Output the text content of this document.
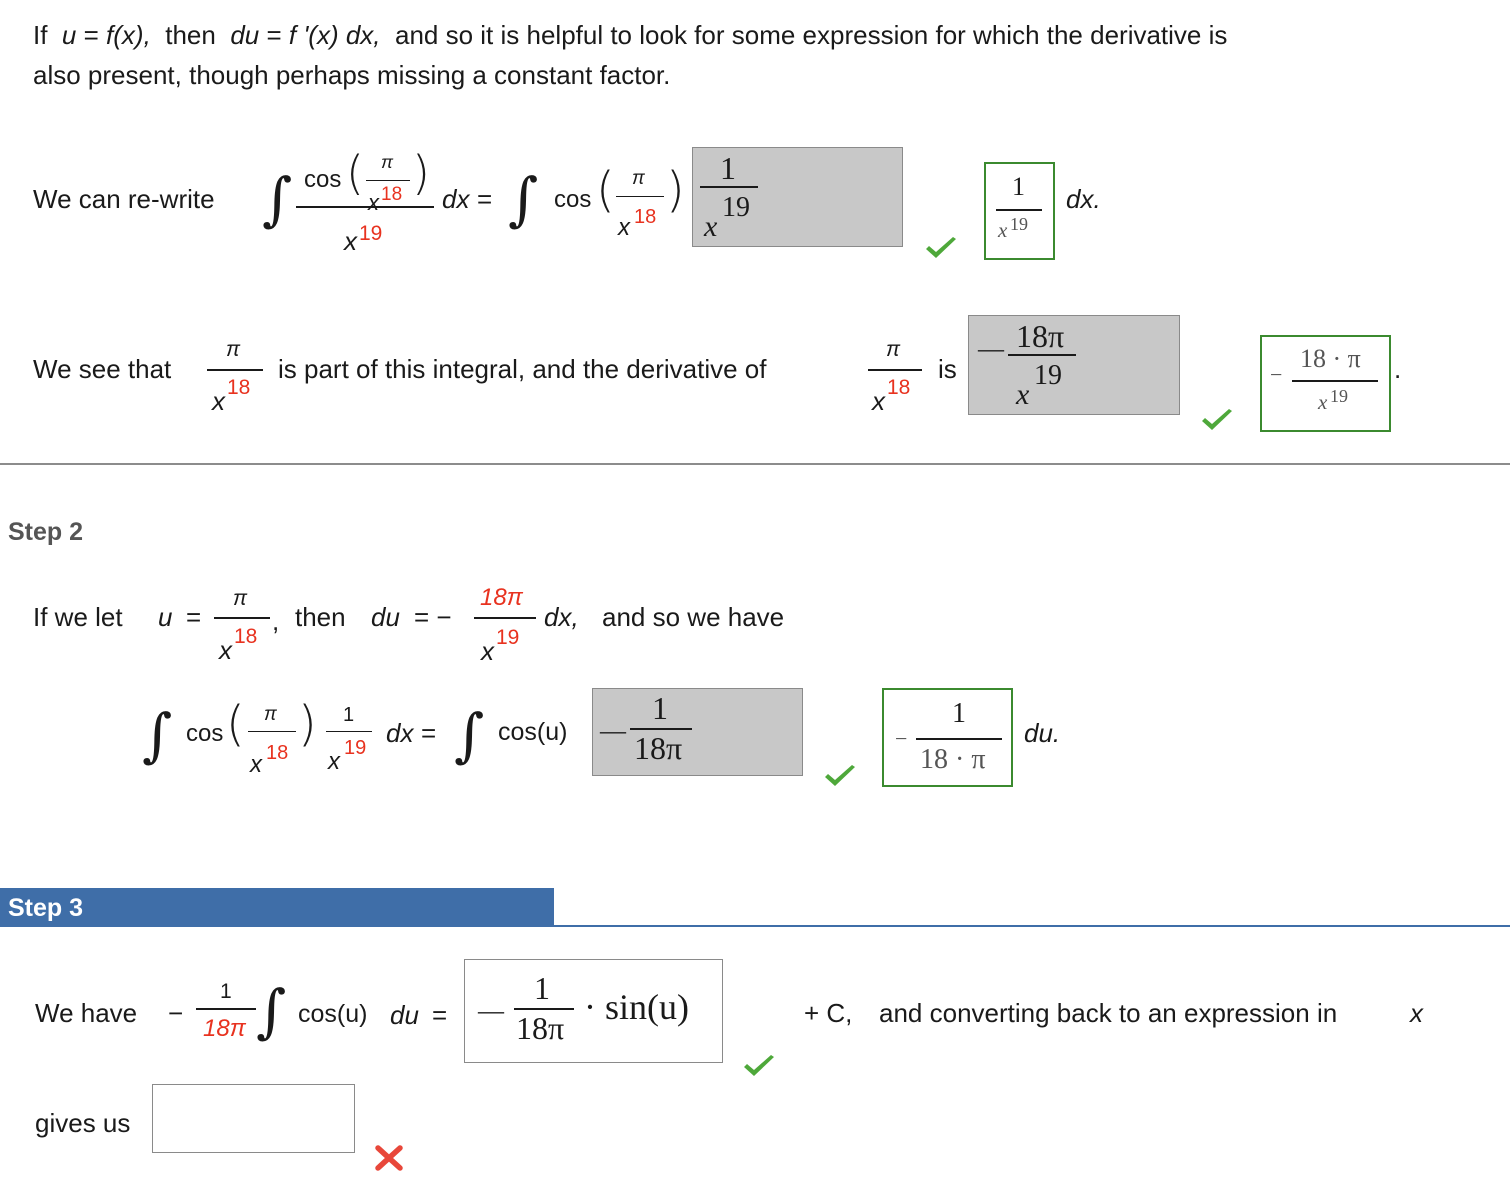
If u = f(x), then du = f '(x) dx, and so it is helpful to look for some expression for which the derivative is
also present, though perhaps missing a constant factor.
We can re-write ∫ cos ( π
x 18 )
x 19
dx = ∫ cos ( π
x 18 ) 1
x
19
1
x 19
dx.
We see that
π
x 18
is part of this integral, and the derivative of
π
x 18
is
— 18π
x
19	−
18 · π
x 19
.
Step 2
If we let u =
π
x 18
, then du = −
18π
x 19
dx, and so we have
∫ cos ( π
x 18
) 1
x 19 dx = ∫ cos(u) —
1
18π	−
1
18 · π
du.
Step 3
We have −
1
18π ∫ cos(u) du = —
1
18π
· sin(u)	+ C, and converting back to an expression in	x
gives us
